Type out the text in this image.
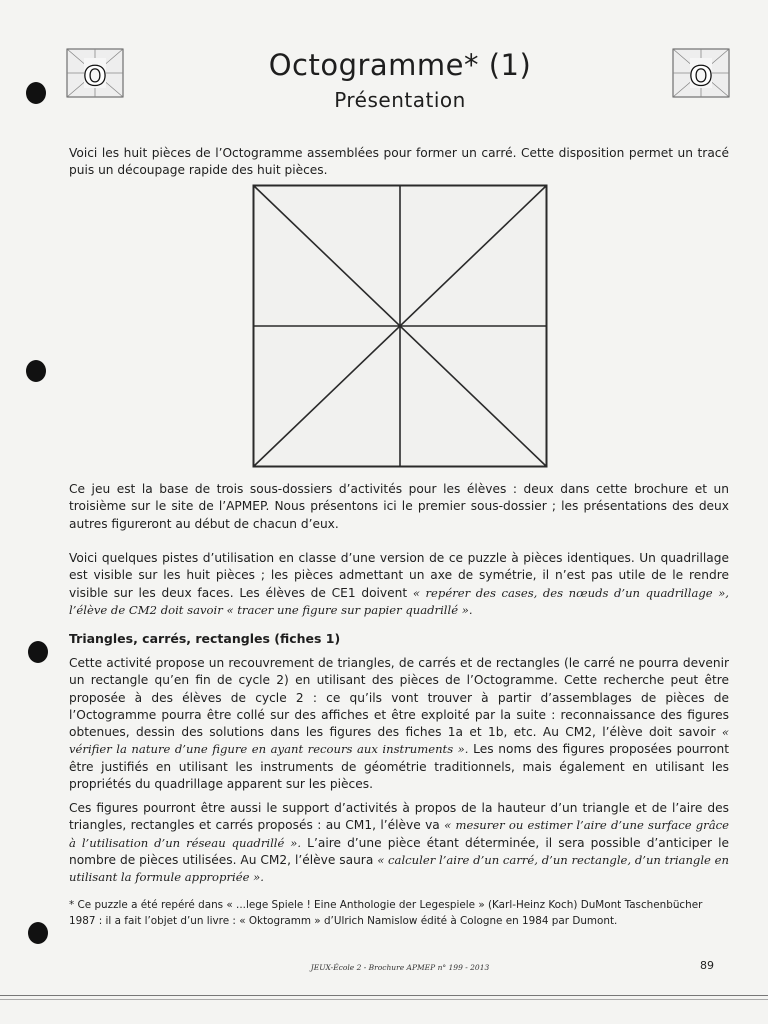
O	O
Octogramme* (1)
Présentation
Voici les huit pièces de l’Octogramme assemblées pour former un carré. Cette disposition permet un tracé puis un découpage rapide des huit pièces.
Ce jeu est la base de trois sous-dossiers d’activités pour les élèves : deux dans cette brochure et un troisième sur le site de l’APMEP. Nous présentons ici le premier sous-dossier ; les présentations des deux autres figureront au début de chacun d’eux.
Voici quelques pistes d’utilisation en classe d’une version de ce puzzle à pièces identiques. Un quadrillage est visible sur les huit pièces ; les pièces admettant un axe de symétrie, il n’est pas utile de le rendre visible sur les deux faces. Les élèves de CE1 doivent « repérer des cases, des nœuds d’un quadrillage », l’élève de CM2 doit savoir « tracer une figure sur papier quadrillé ».
Triangles, carrés, rectangles (fiches 1)
Cette activité propose un recouvrement de triangles, de carrés et de rectangles (le carré ne pourra devenir un rectangle qu’en fin de cycle 2) en utilisant des pièces de l’Octogramme. Cette recherche peut être proposée à des élèves de cycle 2 : ce qu’ils vont trouver à partir d’assemblages de pièces de l’Octogramme pourra être collé sur des affiches et être exploité par la suite : reconnaissance des figures obtenues, dessin des solutions dans les figures des fiches 1a et 1b, etc. Au CM2, l’élève doit savoir « vérifier la nature d’une figure en ayant recours aux instruments ». Les noms des figures proposées pourront être justifiés en utilisant les instruments de géométrie traditionnels, mais également en utilisant les propriétés du quadrillage apparent sur les pièces.
Ces figures pourront être aussi le support d’activités à propos de la hauteur d’un triangle et de l’aire des triangles, rectangles et carrés proposés : au CM1, l’élève va « mesurer ou estimer l’aire d’une surface grâce à l’utilisation d’un réseau quadrillé ». L’aire d’une pièce étant déterminée, il sera possible d’anticiper le nombre de pièces utilisées. Au CM2, l’élève saura « calculer l’aire d’un carré, d’un rectangle, d’un triangle en utilisant la formule appropriée ».
* Ce puzzle a été repéré dans « ...lege Spiele ! Eine Anthologie der Legespiele » (Karl-Heinz Koch) DuMont Taschenbücher 1987 : il a fait l’objet d’un livre : « Oktogramm » d’Ulrich Namislow édité à Cologne en 1984 par Dumont.
JEUX-École 2 - Brochure APMEP n° 199 - 2013	89
